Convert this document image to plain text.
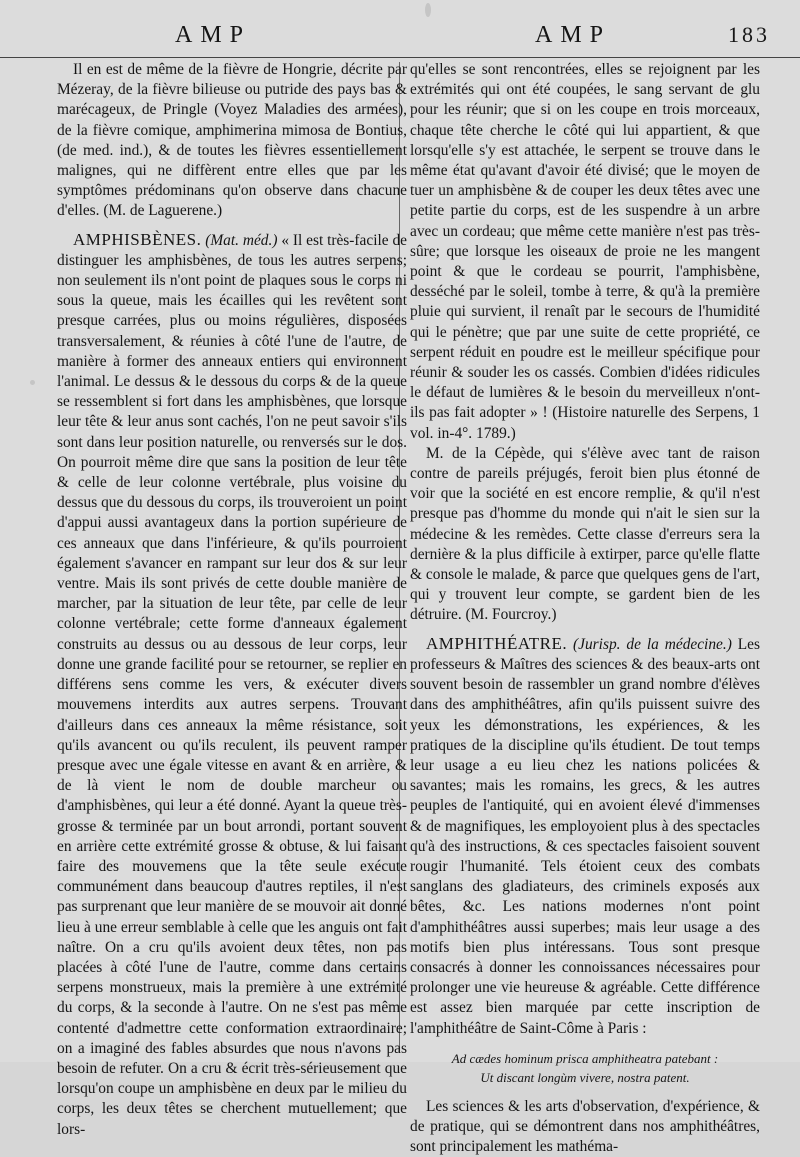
AMP	AMP	183

Il en est de même de la fièvre de Hongrie, décrite par Mézeray, de la fièvre bilieuse ou putride des pays bas & marécageux, de Pringle (Voyez Maladies des armées), de la fièvre comique, amphimerina mimosa de Bontius, (de med. ind.), & de toutes les fièvres essentiellement malignes, qui ne diffèrent entre elles que par les symptômes prédominans qu'on observe dans chacune d'elles. (M. de Laguerene.)

AMPHISBÈNES. (Mat. méd.) « Il est très-facile de distinguer les amphisbènes, de tous les autres serpens; non seulement ils n'ont point de plaques sous le corps ni sous la queue, mais les écailles qui les revêtent sont presque carrées, plus ou moins régulières, disposées transversalement, & réunies à côté l'une de l'autre, de manière à former des anneaux entiers qui environnent l'animal. Le dessus & le dessous du corps & de la queue se ressemblent si fort dans les amphisbènes, que lorsque leur tête & leur anus sont cachés, l'on ne peut savoir s'ils sont dans leur position naturelle, ou renversés sur le dos. On pourroit même dire que sans la position de leur tête & celle de leur colonne vertébrale, plus voisine du dessus que du dessous du corps, ils trouveroient un point d'appui aussi avantageux dans la portion supérieure de ces anneaux que dans l'inférieure, & qu'ils pourroient également s'avancer en rampant sur leur dos & sur leur ventre. Mais ils sont privés de cette double manière de marcher, par la situation de leur tête, par celle de leur colonne vertébrale; cette forme d'anneaux également construits au dessus ou au dessous de leur corps, leur donne une grande facilité pour se retourner, se replier en différens sens comme les vers, & exécuter divers mouvemens interdits aux autres serpens. Trouvant d'ailleurs dans ces anneaux la même résistance, soit qu'ils avancent ou qu'ils reculent, ils peuvent ramper presque avec une égale vitesse en avant & en arrière, & de là vient le nom de double marcheur ou d'amphisbènes, qui leur a été donné. Ayant la queue très-grosse & terminée par un bout arrondi, portant souvent en arrière cette extrémité grosse & obtuse, & lui faisant faire des mouvemens que la tête seule exécute communément dans beaucoup d'autres reptiles, il n'est pas surprenant que leur manière de se mouvoir ait donné lieu à une erreur semblable à celle que les anguis ont fait naître. On a cru qu'ils avoient deux têtes, non pas placées à côté l'une de l'autre, comme dans certains serpens monstrueux, mais la première à une extrémité du corps, & la seconde à l'autre. On ne s'est pas même contenté d'admettre cette conformation extraordinaire; on a imaginé des fables absurdes que nous n'avons pas besoin de refuter. On a cru & écrit très-sérieusement que lorsqu'on coupe un amphisbène en deux par le milieu du corps, les deux têtes se cherchent mutuellement; que lors-

qu'elles se sont rencontrées, elles se rejoignent par les extrémités qui ont été coupées, le sang servant de glu pour les réunir; que si on les coupe en trois morceaux, chaque tête cherche le côté qui lui appartient, & que lorsqu'elle s'y est attachée, le serpent se trouve dans le même état qu'avant d'avoir été divisé; que le moyen de tuer un amphisbène & de couper les deux têtes avec une petite partie du corps, est de les suspendre à un arbre avec un cordeau; que même cette manière n'est pas très-sûre; que lorsque les oiseaux de proie ne les mangent point & que le cordeau se pourrit, l'amphisbène, desséché par le soleil, tombe à terre, & qu'à la première pluie qui survient, il renaît par le secours de l'humidité qui le pénètre; que par une suite de cette propriété, ce serpent réduit en poudre est le meilleur spécifique pour réunir & souder les os cassés. Combien d'idées ridicules le défaut de lumières & le besoin du merveilleux n'ont-ils pas fait adopter » ! (Histoire naturelle des Serpens, 1 vol. in-4°. 1789.)

M. de la Cépède, qui s'élève avec tant de raison contre de pareils préjugés, feroit bien plus étonné de voir que la société en est encore remplie, & qu'il n'est presque pas d'homme du monde qui n'ait le sien sur la médecine & les remèdes. Cette classe d'erreurs sera la dernière & la plus difficile à extirper, parce qu'elle flatte & console le malade, & parce que quelques gens de l'art, qui y trouvent leur compte, se gardent bien de les détruire. (M. Fourcroy.)

AMPHITHÉATRE. (Jurisp. de la médecine.) Les professeurs & Maîtres des sciences & des beaux-arts ont souvent besoin de rassembler un grand nombre d'élèves dans des amphithéâtres, afin qu'ils puissent suivre des yeux les démonstrations, les expériences, & les pratiques de la discipline qu'ils étudient. De tout temps leur usage a eu lieu chez les nations policées & savantes; mais les romains, les grecs, & les autres peuples de l'antiquité, qui en avoient élevé d'immenses & de magnifiques, les employoient plus à des spectacles qu'à des instructions, & ces spectacles faisoient souvent rougir l'humanité. Tels étoient ceux des combats sanglans des gladiateurs, des criminels exposés aux bêtes, &c. Les nations modernes n'ont point d'amphithéâtres aussi superbes; mais leur usage a des motifs bien plus intéressans. Tous sont presque consacrés à donner les connoissances nécessaires pour prolonger une vie heureuse & agréable. Cette différence est assez bien marquée par cette inscription de l'amphithéâtre de Saint-Côme à Paris :

Ad cædes hominum prisca amphitheatra patebant :
Ut discant longùm vivere, nostra patent.

Les sciences & les arts d'observation, d'expérience, & de pratique, qui se démontrent dans nos amphithéâtres, sont principalement les mathéma-
